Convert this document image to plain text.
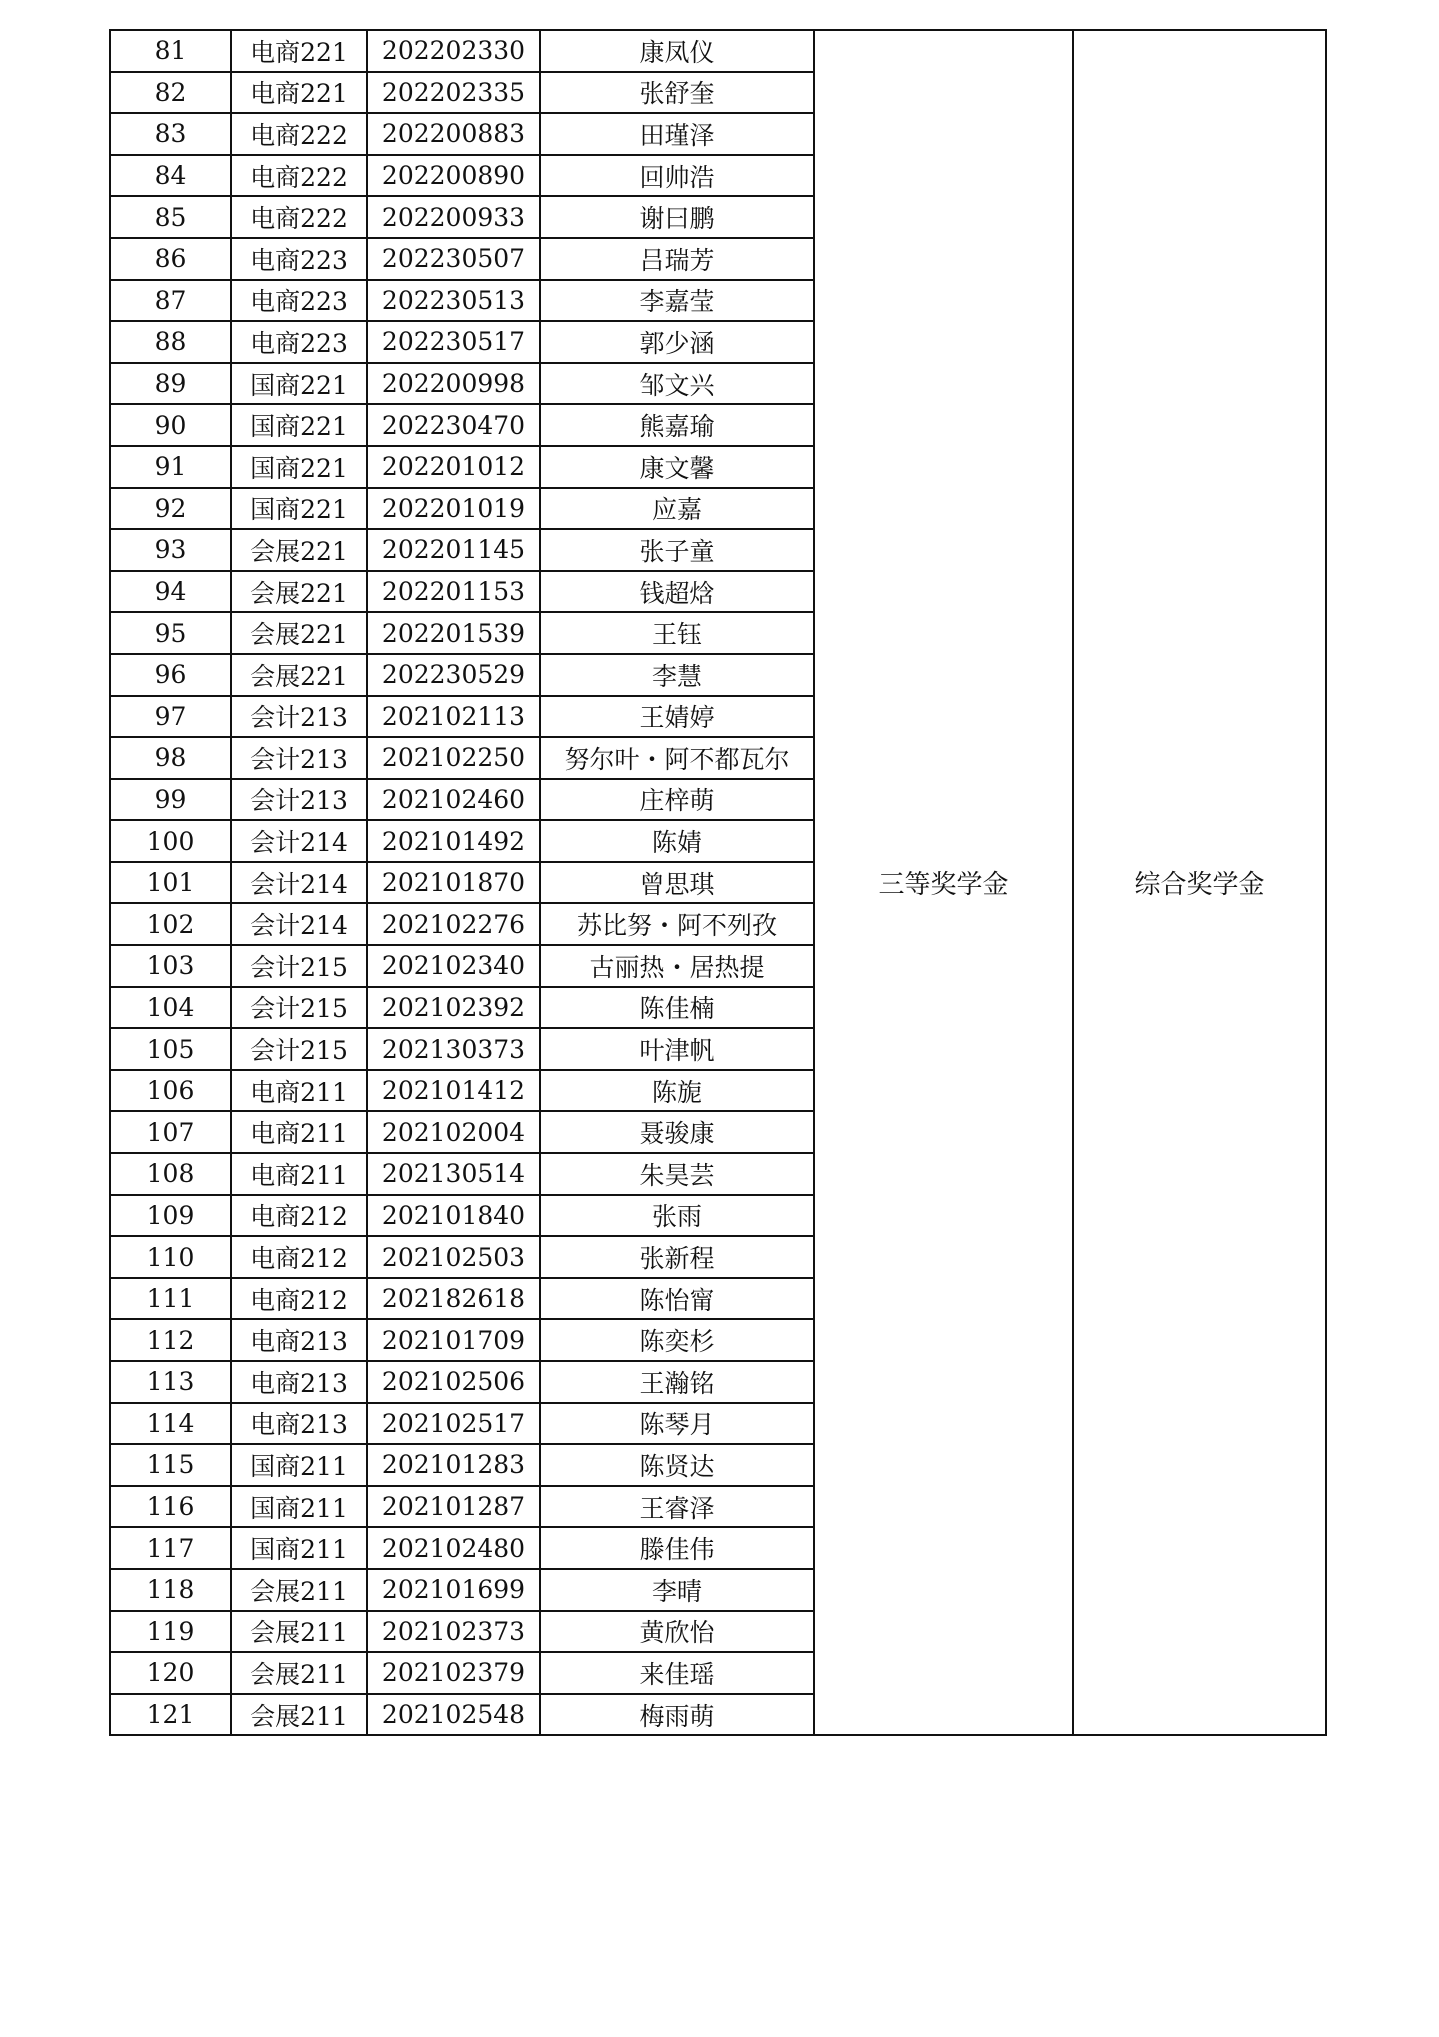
81	电商221	202202330	康凤仪	三等奖学金	综合奖学金
82	电商221	202202335	张舒奎		
83	电商222	202200883	田瑾泽		
84	电商222	202200890	回帅浩		
85	电商222	202200933	谢曰鹏		
86	电商223	202230507	吕瑞芳		
87	电商223	202230513	李嘉莹		
88	电商223	202230517	郭少涵		
89	国商221	202200998	邹文兴		
90	国商221	202230470	熊嘉瑜		
91	国商221	202201012	康文馨		
92	国商221	202201019	应嘉		
93	会展221	202201145	张子童		
94	会展221	202201153	钱超焓		
95	会展221	202201539	王钰		
96	会展221	202230529	李慧		
97	会计213	202102113	王婧婷		
98	会计213	202102250	努尔叶・阿不都瓦尔		
99	会计213	202102460	庄梓萌		
100	会计214	202101492	陈婧		
101	会计214	202101870	曾思琪		
102	会计214	202102276	苏比努・阿不列孜		
103	会计215	202102340	古丽热・居热提		
104	会计215	202102392	陈佳楠		
105	会计215	202130373	叶津帆		
106	电商211	202101412	陈旎		
107	电商211	202102004	聂骏康		
108	电商211	202130514	朱昊芸		
109	电商212	202101840	张雨		
110	电商212	202102503	张新程		
111	电商212	202182618	陈怡甯		
112	电商213	202101709	陈奕杉		
113	电商213	202102506	王瀚铭		
114	电商213	202102517	陈琴月		
115	国商211	202101283	陈贤达		
116	国商211	202101287	王睿泽		
117	国商211	202102480	滕佳伟		
118	会展211	202101699	李晴		
119	会展211	202102373	黄欣怡		
120	会展211	202102379	来佳瑶		
121	会展211	202102548	梅雨萌		
